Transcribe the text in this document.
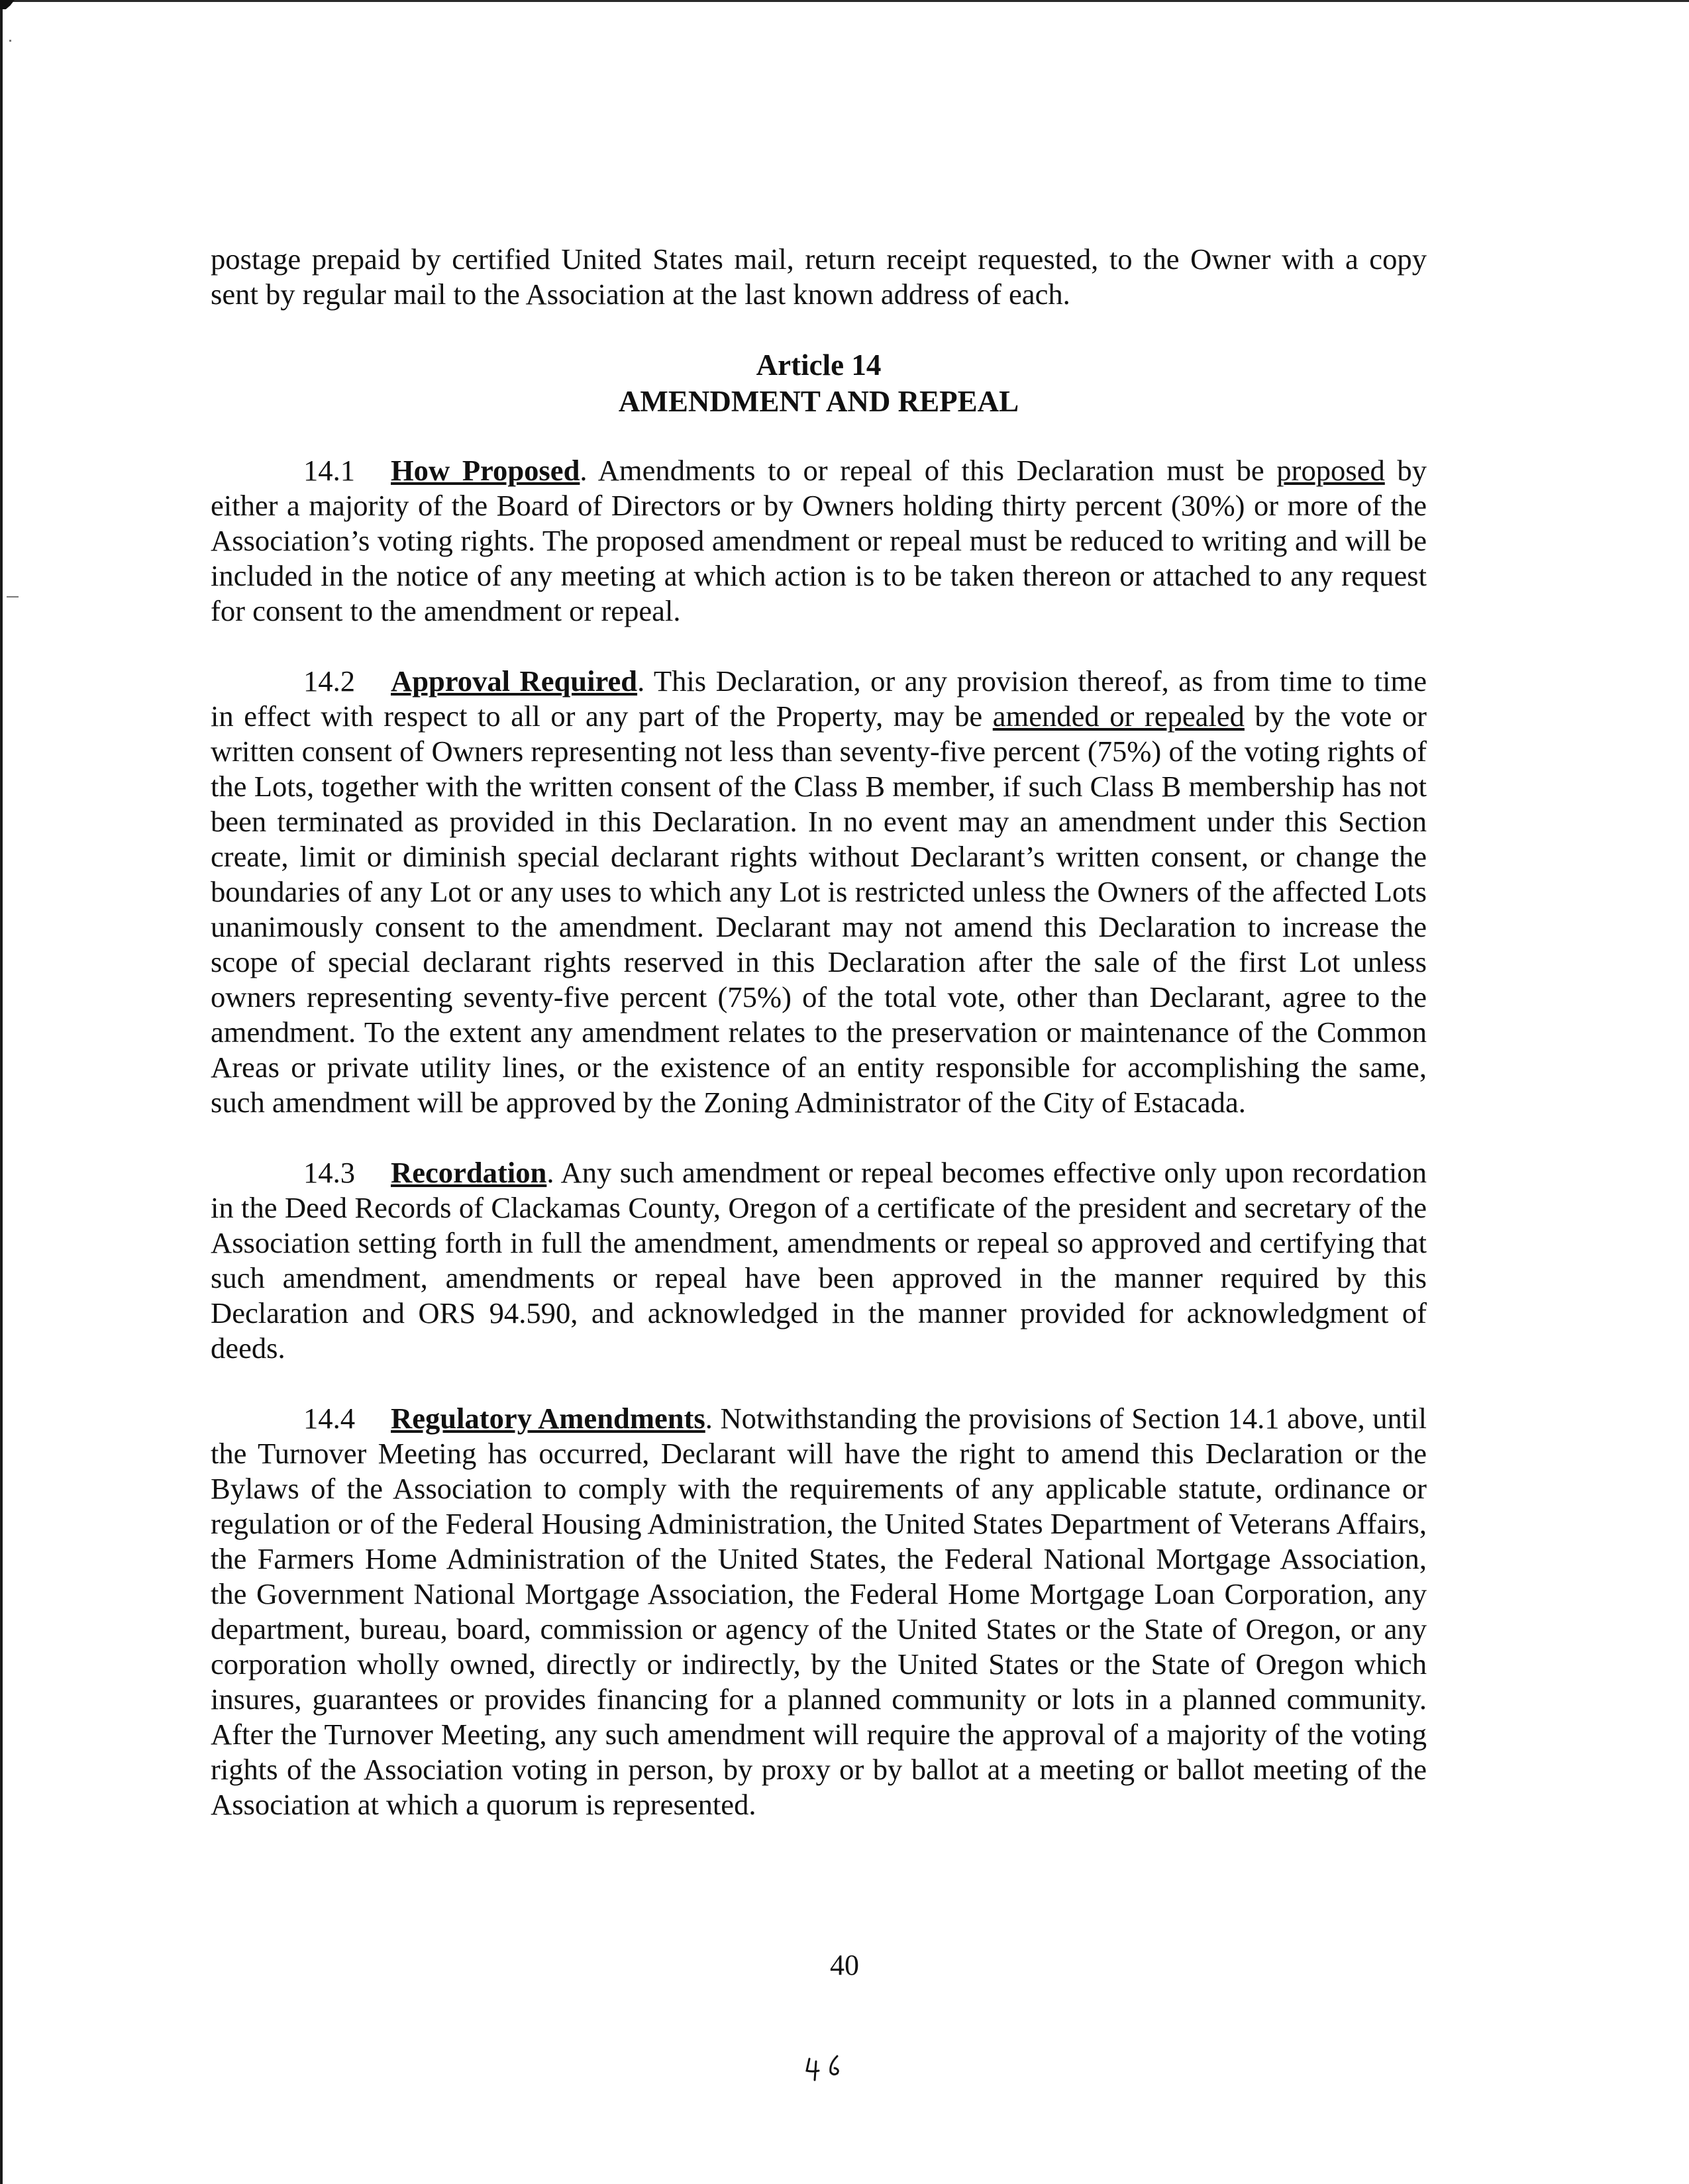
postage prepaid by certified United States mail, return receipt requested, to the Owner with a copy sent by regular mail to the Association at the last known address of each.

Article 14

AMENDMENT AND REPEAL

14.1 How Proposed. Amendments to or repeal of this Declaration must be proposed by either a majority of the Board of Directors or by Owners holding thirty percent (30%) or more of the Association’s voting rights. The proposed amendment or repeal must be reduced to writing and will be included in the notice of any meeting at which action is to be taken thereon or attached to any request for consent to the amendment or repeal.

14.2 Approval Required. This Declaration, or any provision thereof, as from time to time in effect with respect to all or any part of the Property, may be amended or repealed by the vote or written consent of Owners representing not less than seventy-five percent (75%) of the voting rights of the Lots, together with the written consent of the Class B member, if such Class B membership has not been terminated as provided in this Declaration. In no event may an amendment under this Section create, limit or diminish special declarant rights without Declarant’s written consent, or change the boundaries of any Lot or any uses to which any Lot is restricted unless the Owners of the affected Lots unanimously consent to the amendment. Declarant may not amend this Declaration to increase the scope of special declarant rights reserved in this Declaration after the sale of the first Lot unless owners representing seventy-five percent (75%) of the total vote, other than Declarant, agree to the amendment. To the extent any amendment relates to the preservation or maintenance of the Common Areas or private utility lines, or the existence of an entity responsible for accomplishing the same, such amendment will be approved by the Zoning Administrator of the City of Estacada.

14.3 Recordation. Any such amendment or repeal becomes effective only upon recordation in the Deed Records of Clackamas County, Oregon of a certificate of the president and secretary of the Association setting forth in full the amendment, amendments or repeal so approved and certifying that such amendment, amendments or repeal have been approved in the manner required by this Declaration and ORS 94.590, and acknowledged in the manner provided for acknowledgment of deeds.

14.4 Regulatory Amendments. Notwithstanding the provisions of Section 14.1 above, until the Turnover Meeting has occurred, Declarant will have the right to amend this Declaration or the Bylaws of the Association to comply with the requirements of any applicable statute, ordinance or regulation or of the Federal Housing Administration, the United States Department of Veterans Affairs, the Farmers Home Administration of the United States, the Federal National Mortgage Association, the Government National Mortgage Association, the Federal Home Mortgage Loan Corporation, any department, bureau, board, commission or agency of the United States or the State of Oregon, or any corporation wholly owned, directly or indirectly, by the United States or the State of Oregon which insures, guarantees or provides financing for a planned community or lots in a planned community. After the Turnover Meeting, any such amendment will require the approval of a majority of the voting rights of the Association voting in person, by proxy or by ballot at a meeting or ballot meeting of the Association at which a quorum is represented.

40
